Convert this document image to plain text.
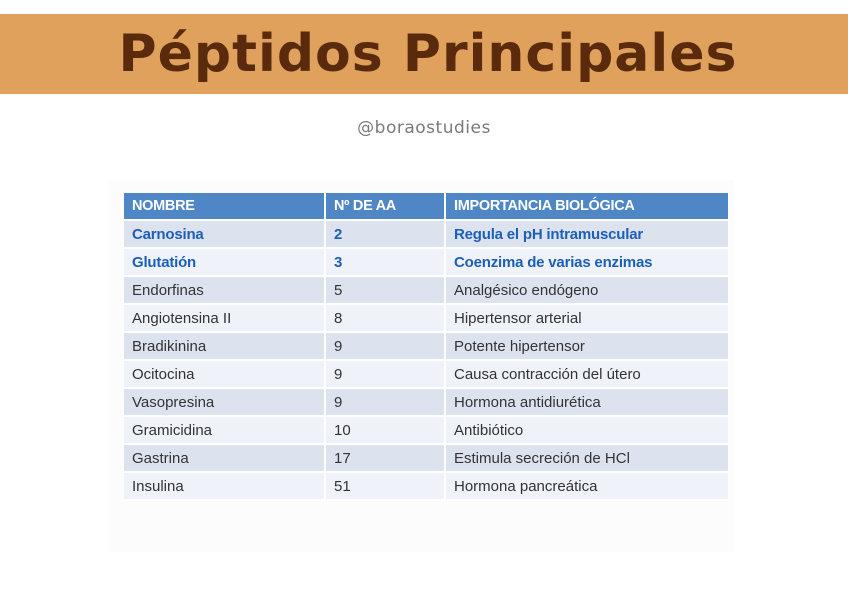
Péptidos Principales
@boraostudies
NOMBRE	Nº DE AA	IMPORTANCIA BIOLÓGICA
Carnosina	2	Regula el pH intramuscular
Glutatión	3	Coenzima de varias enzimas
Endorfinas	5	Analgésico endógeno
Angiotensina II	8	Hipertensor arterial
Bradikinina	9	Potente hipertensor
Ocitocina	9	Causa contracción del útero
Vasopresina	9	Hormona antidiurética
Gramicidina	10	Antibiótico
Gastrina	17	Estimula secreción de HCl
Insulina	51	Hormona pancreática
